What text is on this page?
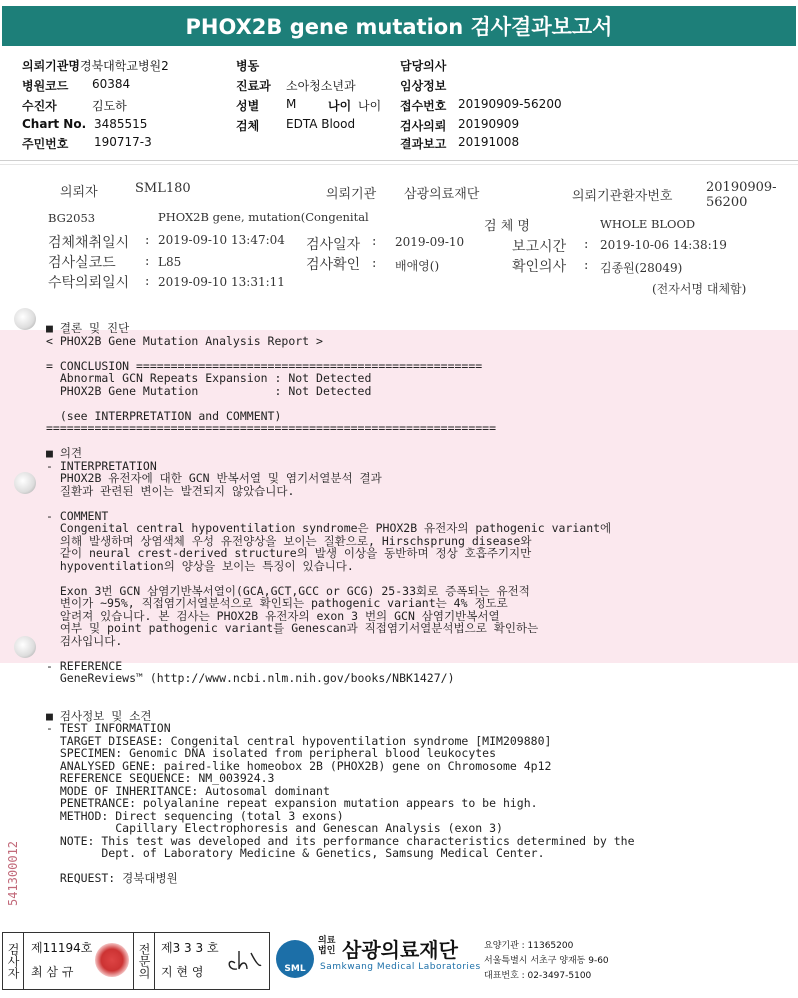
PHOX2B gene mutation 검사결과보고서
의뢰기관명 경북대학교병원2	병동	담당의사
병원코드 60384	진료과 소아청소년과	임상정보
수진자	김도하	성별 M	나이 나이 접수번호 20190909-56200
Chart No. 3485515	검체 EDTA Blood	검사의뢰 20190909
주민번호 190717-3	결과보고 20191008
의뢰자	SML180	의뢰기관 삼광의료재단	의뢰기관환자번호
20190909-
56200
BG2053	PHOX2B gene, mutation(Congenital
검 체 명	WHOLE BLOOD
검체채취일시 : 2019-09-10 13:47:04 검사일자 : 2019-09-10	보고시간 : 2019-10-06 14:38:19
검사실코드 : L85	검사확인 : 배애영()	확인의사 : 김종원(28049)
수탁의뢰일시 : 2019-09-10 13:31:11	(전자서명 대체함)
■ 결론 및 진단
< PHOX2B Gene Mutation Analysis Report >

= CONCLUSION ==================================================
Abnormal GCN Repeats Expansion : Not Detected
PHOX2B Gene Mutation           : Not Detected

(see INTERPRETATION and COMMENT)
=================================================================

■ 의견
- INTERPRETATION
PHOX2B 유전자에 대한 GCN 반복서열 및 염기서열분석 결과
질환과 관련된 변이는 발견되지 않았습니다.

- COMMENT
Congenital central hypoventilation syndrome은 PHOX2B 유전자의 pathogenic variant에
의해 발생하며 상염색체 우성 유전양상을 보이는 질환으로, Hirschsprung disease와
같이 neural crest-derived structure의 발생 이상을 동반하며 정상 호흡주기지만
hypoventilation의 양상을 보이는 특징이 있습니다.

Exon 3번 GCN 삼염기반복서열이(GCA,GCT,GCC or GCG) 25-33회로 증폭되는 유전적
변이가 ~95%, 직접염기서열분석으로 확인되는 pathogenic variant는 4% 정도로
알려져 있습니다. 본 검사는 PHOX2B 유전자의 exon 3 번의 GCN 삼염기반복서열
여부 및 point pathogenic variant를 Genescan과 직접염기서열분석법으로 확인하는
검사입니다.

- REFERENCE
GeneReviews™ (http://www.ncbi.nlm.nih.gov/books/NBK1427/)

■ 검사정보 및 소견
- TEST INFORMATION
TARGET DISEASE: Congenital central hypoventilation syndrome [MIM209880]
SPECIMEN: Genomic DNA isolated from peripheral blood leukocytes
ANALYSED GENE: paired-like homeobox 2B (PHOX2B) gene on Chromosome 4p12
REFERENCE SEQUENCE: NM_003924.3
MODE OF INHERITANCE: Autosomal dominant
PENETRANCE: polyalanine repeat expansion mutation appears to be high.
METHOD: Direct sequencing (total 3 exons)
Capillary Electrophoresis and Genescan Analysis (exon 3)
NOTE: This test was developed and its performance characteristics determined by the
Dept. of Laboratory Medicine & Genetics, Samsung Medical Center.

REQUEST: 경북대병원
541300012
검사자 제11194호
최 삼 규	전문의 제3 3 3 호
지 현 영	SML
의료
법인 삼광의료재단
Samkwang Medical Laboratories
요양기관 : 11365200
서울특별시 서초구 양재동 9-60
대표번호 : 02-3497-5100
